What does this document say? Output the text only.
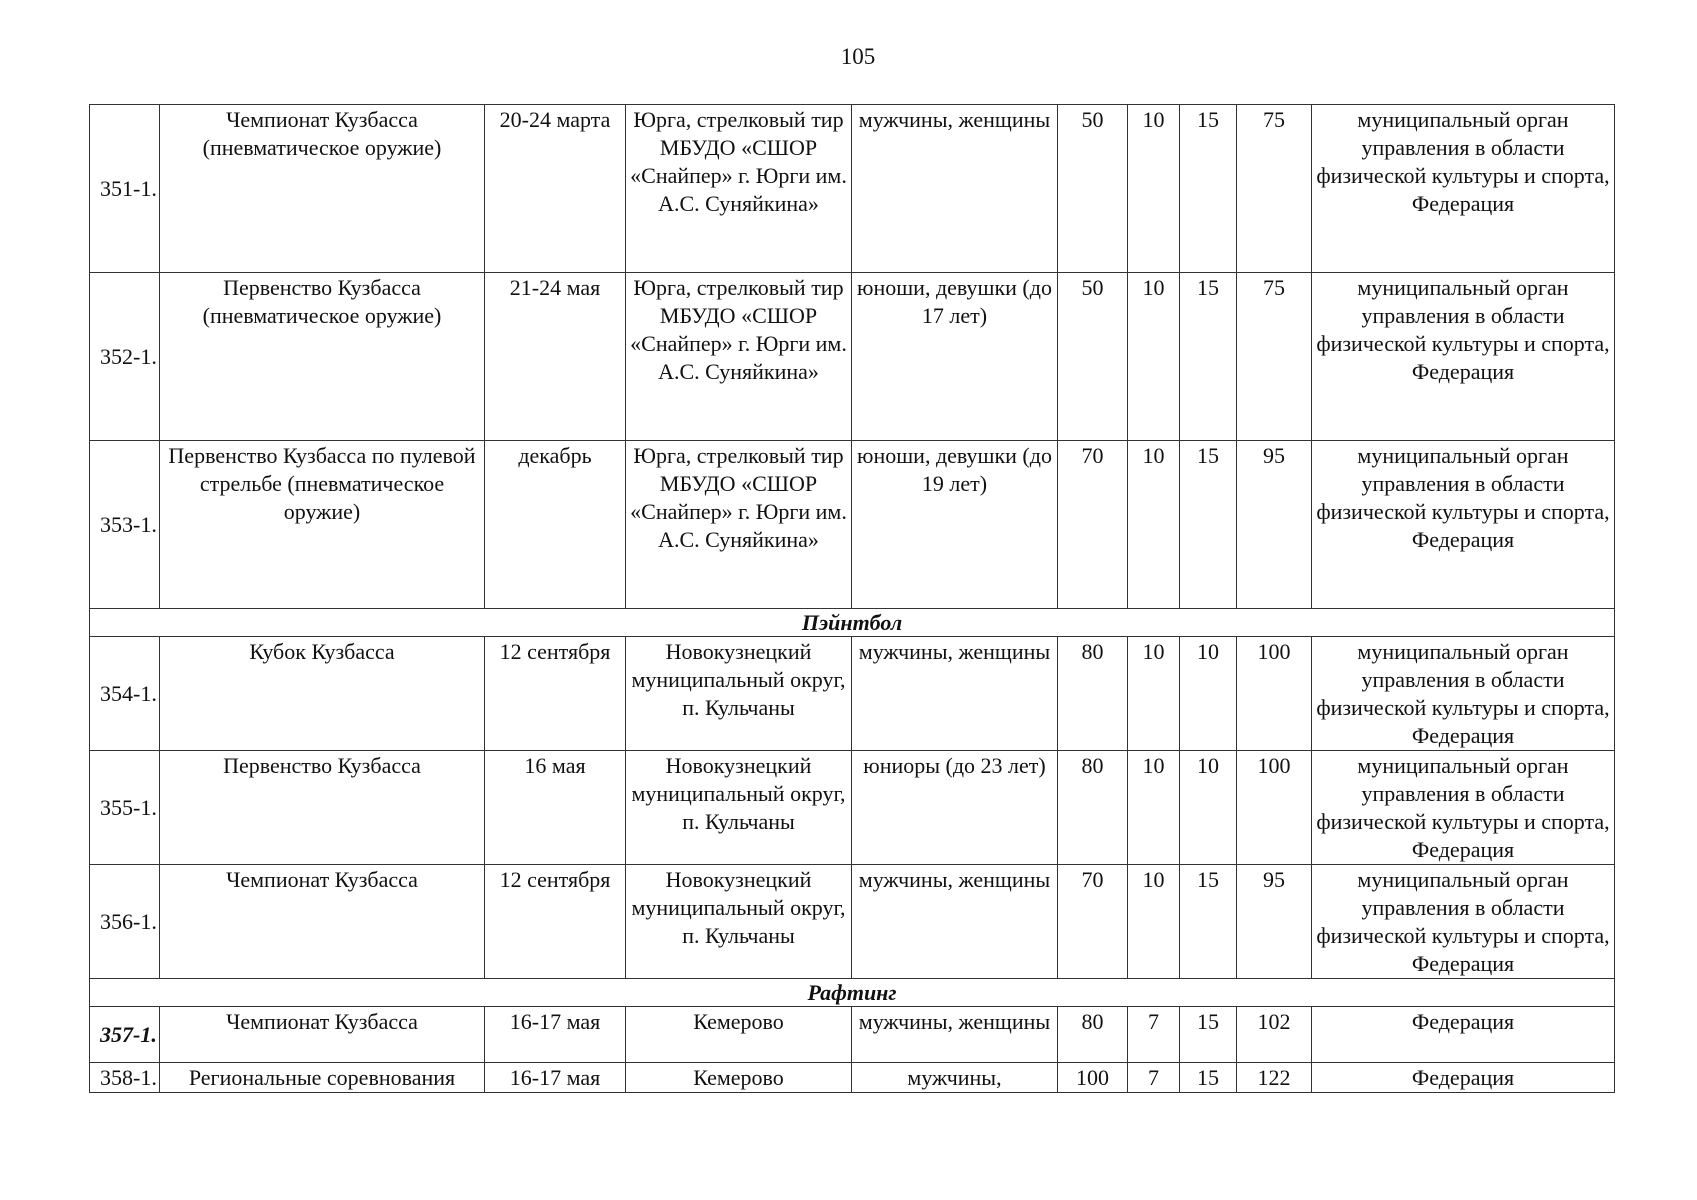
105
351-1.	Чемпионат Кузбасса (пневматическое оружие)	20-24 марта	Юрга, стрелковый тир МБУДО «СШОР «Снайпер» г. Юрги им. А.С. Суняйкина»	мужчины, женщины	50	10	15	75	муниципальный орган управления в области физической культуры и спорта, Федерация
352-1.	Первенство Кузбасса (пневматическое оружие)	21-24 мая	Юрга, стрелковый тир МБУДО «СШОР «Снайпер» г. Юрги им. А.С. Суняйкина»	юноши, девушки (до 17 лет)	50	10	15	75	муниципальный орган управления в области физической культуры и спорта, Федерация
353-1.	Первенство Кузбасса по пулевой стрельбе (пневматическое оружие)	декабрь	Юрга, стрелковый тир МБУДО «СШОР «Снайпер» г. Юрги им. А.С. Суняйкина»	юноши, девушки (до 19 лет)	70	10	15	95	муниципальный орган управления в области физической культуры и спорта, Федерация
Пэйнтбол									
354-1.	Кубок Кузбасса	12 сентября	Новокузнецкий муниципальный округ, п. Кульчаны	мужчины, женщины	80	10	10	100	муниципальный орган управления в области физической культуры и спорта, Федерация
355-1.	Первенство Кузбасса	16 мая	Новокузнецкий муниципальный округ, п. Кульчаны	юниоры (до 23 лет)	80	10	10	100	муниципальный орган управления в области физической культуры и спорта, Федерация
356-1.	Чемпионат Кузбасса	12 сентября	Новокузнецкий муниципальный округ, п. Кульчаны	мужчины, женщины	70	10	15	95	муниципальный орган управления в области физической культуры и спорта, Федерация
Рафтинг									
357-1.	Чемпионат Кузбасса	16-17 мая	Кемерово	мужчины, женщины	80	7	15	102	Федерация
358-1.	Региональные соревнования	16-17 мая	Кемерово	мужчины,	100	7	15	122	Федерация
